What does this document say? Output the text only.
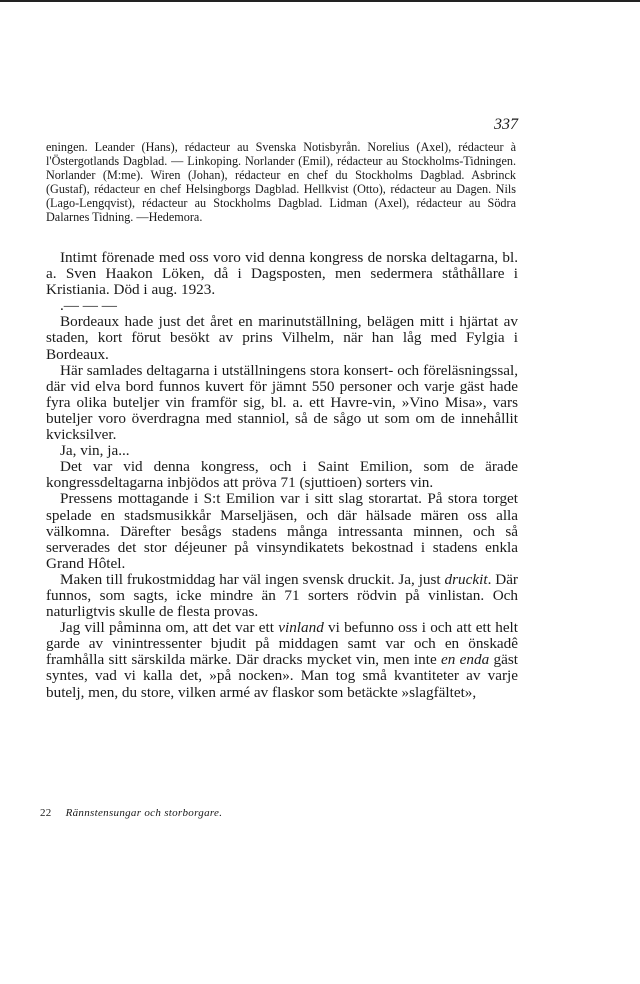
337

eningen. Leander (Hans), rédacteur au Svenska Notisbyrån. Norelius (Axel), rédacteur à l'Östergotlands Dagblad. — Linkoping. Norlander (Emil), rédacteur au Stockholms-Tidningen. Norlander (M:me). Wiren (Johan), rédacteur en chef du Stockholms Dagblad. Asbrinck (Gustaf), rédacteur en chef Helsingborgs Dagblad. Hellkvist (Otto), rédacteur au Dagen. Nils (Lago-Lengqvist), rédacteur au Stockholms Dagblad. Lidman (Axel), rédacteur au Södra Dalarnes Tidning. —Hedemora.

Intimt förenade med oss voro vid denna kongress de norska deltagarna, bl. a. Sven Haakon Löken, då i Dagsposten, men sedermera ståthållare i Kristiania. Död i aug. 1923.

.— — —

Bordeaux hade just det året en marinutställning, belägen mitt i hjärtat av staden, kort förut besökt av prins Vilhelm, när han låg med Fylgia i Bordeaux.

Här samlades deltagarna i utställningens stora konsert- och föreläsningssal, där vid elva bord funnos kuvert för jämnt 550 personer och varje gäst hade fyra olika buteljer vin framför sig, bl. a. ett Havre-vin, »Vino Misa», vars buteljer voro överdragna med stanniol, så de sågo ut som om de innehållit kvicksilver.

Ja, vin, ja...

Det var vid denna kongress, och i Saint Emilion, som de ärade kongressdeltagarna inbjödos att pröva 71 (sjuttioen) sorters vin.

Pressens mottagande i S:t Emilion var i sitt slag storartat. På stora torget spelade en stadsmusikkår Marseljäsen, och där hälsade mären oss alla välkomna. Därefter besågs stadens många intressanta minnen, och så serverades det stor déjeuner på vinsyndikatets bekostnad i stadens enkla Grand Hôtel.

Maken till frukostmiddag har väl ingen svensk druckit. Ja, just druckit. Där funnos, som sagts, icke mindre än 71 sorters rödvin på vinlistan. Och naturligtvis skulle de flesta provas.

Jag vill påminna om, att det var ett vinland vi befunno oss i och att ett helt garde av vinintressenter bjudit på middagen samt var och en önskadê framhålla sitt särskilda märke. Där dracks mycket vin, men inte en enda gäst syntes, vad vi kalla det, »på nocken». Man tog små kvantiteter av varje butelj, men, du store, vilken armé av flaskor som betäckte »slagfältet»,

22 Rännstensungar och storborgare.
